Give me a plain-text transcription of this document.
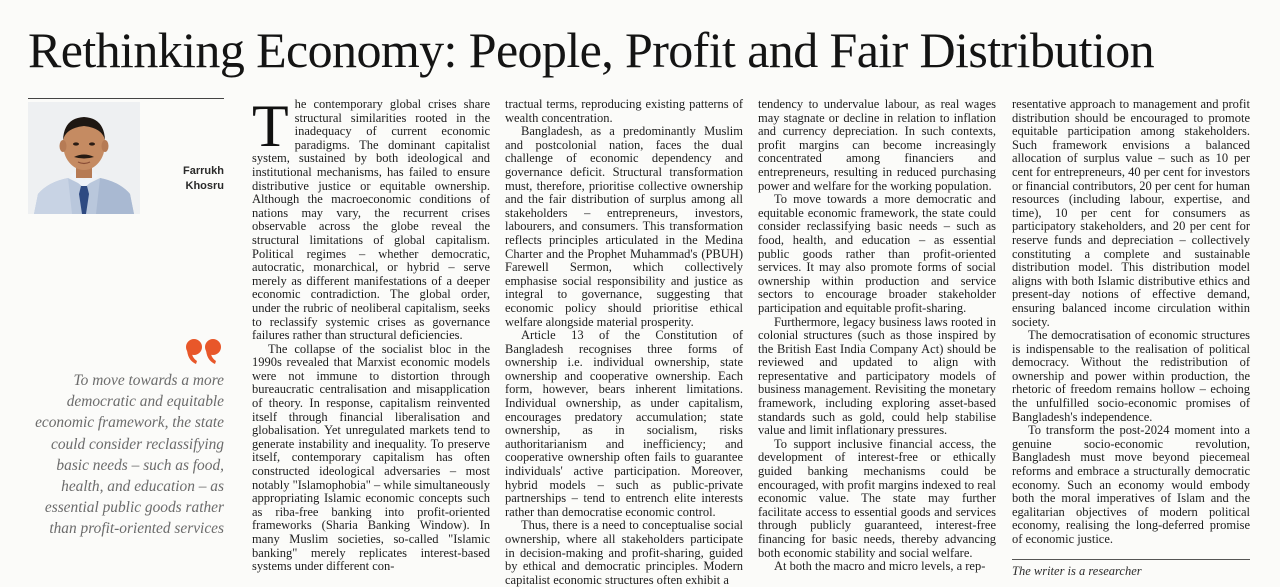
Rethinking Economy: People, Profit and Fair Distribution
Farrukh
Khosru
To move towards a more democratic and equitable economic framework, the state could consider reclassifying basic needs – such as food, health, and education – as essential public goods rather than profit-oriented services

The contemporary global crises share structural similarities rooted in the inadequacy of current economic paradigms. The dominant capitalist system, sustained by both ideological and institutional mechanisms, has failed to ensure distributive justice or equitable ownership. Although the macroeconomic conditions of nations may vary, the recurrent crises observable across the globe reveal the structural limitations of global capitalism. Political regimes – whether democratic, autocratic, monarchical, or hybrid – serve merely as different manifestations of a deeper economic contradiction. The global order, under the rubric of neoliberal capitalism, seeks to reclassify systemic crises as governance failures rather than structural deficiencies.

The collapse of the socialist bloc in the 1990s revealed that Marxist economic models were not immune to distortion through bureaucratic centralisation and misapplication of theory. In response, capitalism reinvented itself through financial liberalisation and globalisation. Yet unregulated markets tend to generate instability and inequality. To preserve itself, contemporary capitalism has often constructed ideological adversaries – most notably "Islamophobia" – while simultaneously appropriating Islamic economic concepts such as riba-free banking into profit-oriented frameworks (Sharia Banking Window). In many Muslim societies, so-called "Islamic banking" merely replicates interest-based systems under different con-

tractual terms, reproducing existing patterns of wealth concentration.

Bangladesh, as a predominantly Muslim and postcolonial nation, faces the dual challenge of economic dependency and governance deficit. Structural transformation must, therefore, prioritise collective ownership and the fair distribution of surplus among all stakeholders – entrepreneurs, investors, labourers, and consumers. This transformation reflects principles articulated in the Medina Charter and the Prophet Muhammad's (PBUH) Farewell Sermon, which collectively emphasise social responsibility and justice as integral to governance, suggesting that economic policy should prioritise ethical welfare alongside material prosperity.

Article 13 of the Constitution of Bangladesh recognises three forms of ownership i.e. individual ownership, state ownership and cooperative ownership. Each form, however, bears inherent limitations. Individual ownership, as under capitalism, encourages predatory accumulation; state ownership, as in socialism, risks authoritarianism and inefficiency; and cooperative ownership often fails to guarantee individuals' active participation. Moreover, hybrid models – such as public-private partnerships – tend to entrench elite interests rather than democratise economic control.

Thus, there is a need to conceptualise social ownership, where all stakeholders participate in decision-making and profit-sharing, guided by ethical and democratic principles. Modern capitalist economic structures often exhibit a

tendency to undervalue labour, as real wages may stagnate or decline in relation to inflation and currency depreciation. In such contexts, profit margins can become increasingly concentrated among financiers and entrepreneurs, resulting in reduced purchasing power and welfare for the working population.

To move towards a more democratic and equitable economic framework, the state could consider reclassifying basic needs – such as food, health, and education – as essential public goods rather than profit-oriented services. It may also promote forms of social ownership within production and service sectors to encourage broader stakeholder participation and equitable profit-sharing.

Furthermore, legacy business laws rooted in colonial structures (such as those inspired by the British East India Company Act) should be reviewed and updated to align with representative and participatory models of business management. Revisiting the monetary framework, including exploring asset-based standards such as gold, could help stabilise value and limit inflationary pressures.

To support inclusive financial access, the development of interest-free or ethically guided banking mechanisms could be encouraged, with profit margins indexed to real economic value. The state may further facilitate access to essential goods and services through publicly guaranteed, interest-free financing for basic needs, thereby advancing both economic stability and social welfare.

At both the macro and micro levels, a rep-

resentative approach to management and profit distribution should be encouraged to promote equitable participation among stakeholders. Such framework envisions a balanced allocation of surplus value – such as 10 per cent for entrepreneurs, 40 per cent for investors or financial contributors, 20 per cent for human resources (including labour, expertise, and time), 10 per cent for consumers as participatory stakeholders, and 20 per cent for reserve funds and depreciation – collectively constituting a complete and sustainable distribution model. This distribution model aligns with both Islamic distributive ethics and present-day notions of effective demand, ensuring balanced income circulation within society.

The democratisation of economic structures is indispensable to the realisation of political democracy. Without the redistribution of ownership and power within production, the rhetoric of freedom remains hollow – echoing the unfulfilled socio-economic promises of Bangladesh's independence.

To transform the post-2024 moment into a genuine socio-economic revolution, Bangladesh must move beyond piecemeal reforms and embrace a structurally democratic economy. Such an economy would embody both the moral imperatives of Islam and the egalitarian objectives of modern political economy, realising the long-deferred promise of economic justice.

The writer is a researcher
